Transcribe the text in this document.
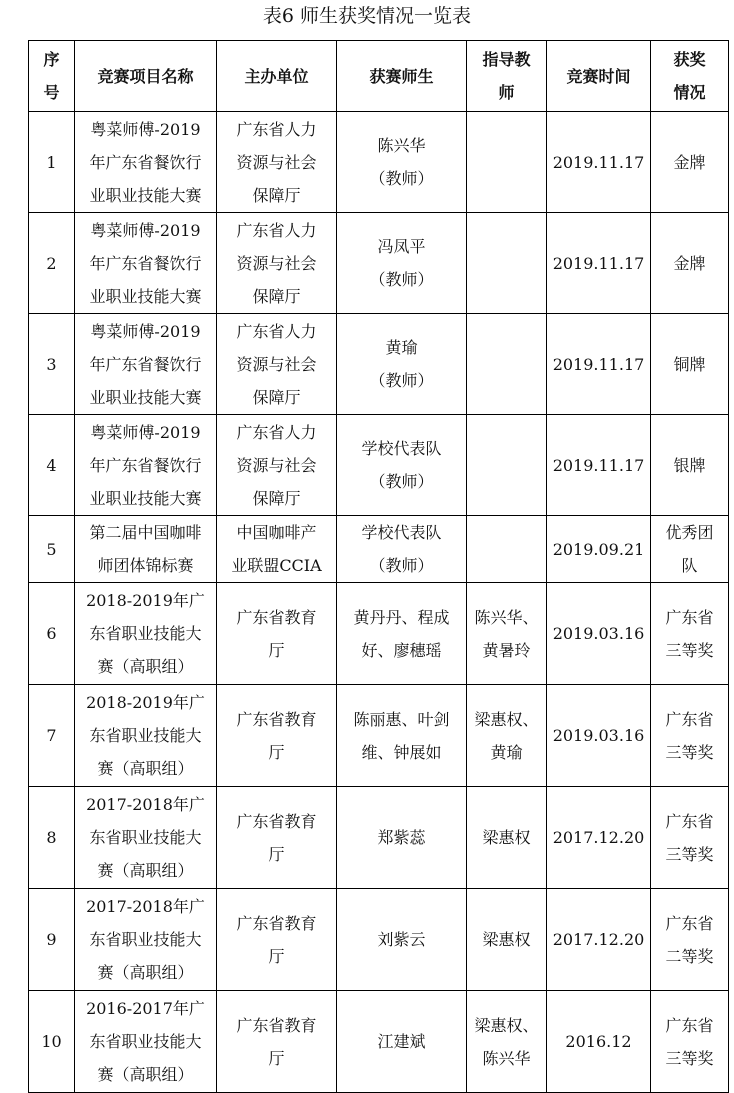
表6 师生获奖情况一览表
序
号	竞赛项目名称	主办单位	获赛师生	指导教
师	竞赛时间	获奖
情况
1	粤菜师傅-2019
年广东省餐饮行
业职业技能大赛	广东省人力
资源与社会
保障厅	陈兴华
（教师）		2019.11.17	金牌
2	粤菜师傅-2019
年广东省餐饮行
业职业技能大赛	广东省人力
资源与社会
保障厅	冯凤平
（教师）		2019.11.17	金牌
3	粤菜师傅-2019
年广东省餐饮行
业职业技能大赛	广东省人力
资源与社会
保障厅	黄瑜
（教师）		2019.11.17	铜牌
4	粤菜师傅-2019
年广东省餐饮行
业职业技能大赛	广东省人力
资源与社会
保障厅	学校代表队
（教师）		2019.11.17	银牌
5	第二届中国咖啡
师团体锦标赛	中国咖啡产
业联盟CCIA	学校代表队
（教师）		2019.09.21	优秀团
队
6	2018-2019年广
东省职业技能大
赛（高职组）	广东省教育
厅	黄丹丹、程成
好、廖穗瑶	陈兴华、
黄暑玲	2019.03.16	广东省
三等奖
7	2018-2019年广
东省职业技能大
赛（高职组）	广东省教育
厅	陈丽惠、叶剑
维、钟展如	梁惠权、
黄瑜	2019.03.16	广东省
三等奖
8	2017-2018年广
东省职业技能大
赛（高职组）	广东省教育
厅	郑紫蕊	梁惠权	2017.12.20	广东省
三等奖
9	2017-2018年广
东省职业技能大
赛（高职组）	广东省教育
厅	刘紫云	梁惠权	2017.12.20	广东省
二等奖
10	2016-2017年广
东省职业技能大
赛（高职组）	广东省教育
厅	江建斌	梁惠权、
陈兴华	2016.12	广东省
三等奖
